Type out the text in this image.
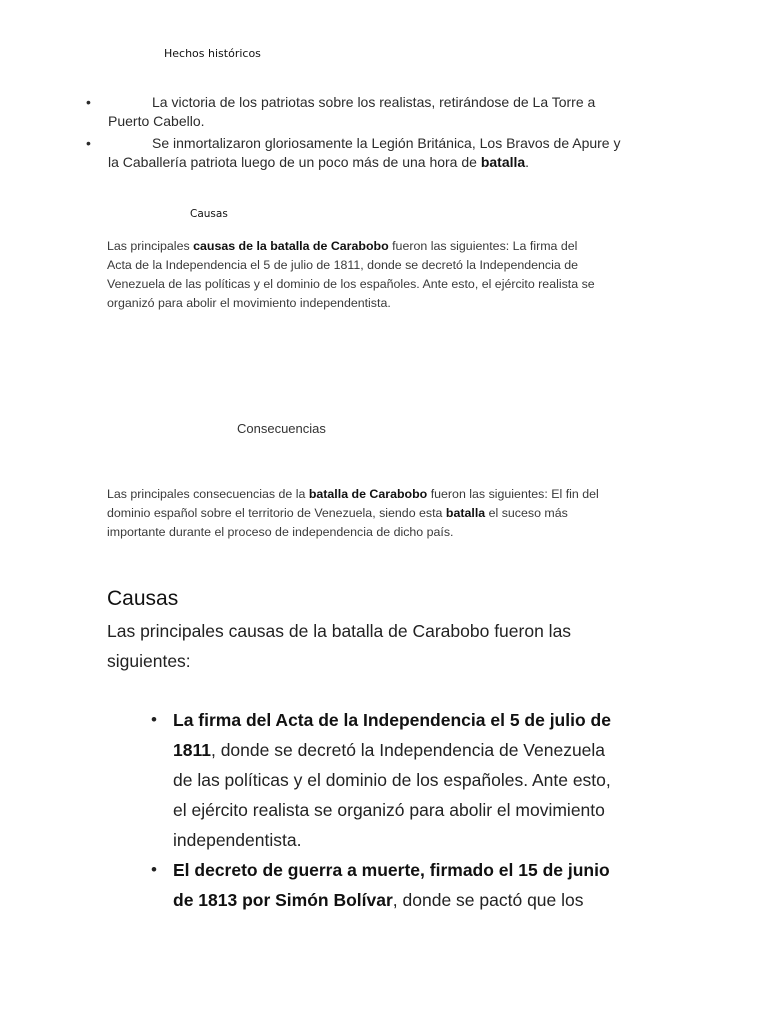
Hechos históricos
•	La victoria de los patriotas sobre los realistas, retirándose de La Torre a
Puerto Cabello.
•	Se inmortalizaron gloriosamente la Legión Británica, Los Bravos de Apure y
la Caballería patriota luego de un poco más de una hora de batalla.
Causas
Las principales causas de la batalla de Carabobo fueron las siguientes: La firma del
Acta de la Independencia el 5 de julio de 1811, donde se decretó la Independencia de
Venezuela de las políticas y el dominio de los españoles. Ante esto, el ejército realista se
organizó para abolir el movimiento independentista.
Consecuencias
Las principales consecuencias de la batalla de Carabobo fueron las siguientes: El fin del
dominio español sobre el territorio de Venezuela, siendo esta batalla el suceso más
importante durante el proceso de independencia de dicho país.
Causas
Las principales causas de la batalla de Carabobo fueron las
siguientes:
• La firma del Acta de la Independencia el 5 de julio de
1811, donde se decretó la Independencia de Venezuela
de las políticas y el dominio de los españoles. Ante esto,
el ejército realista se organizó para abolir el movimiento
independentista.
• El decreto de guerra a muerte, firmado el 15 de junio
de 1813 por Simón Bolívar, donde se pactó que los
